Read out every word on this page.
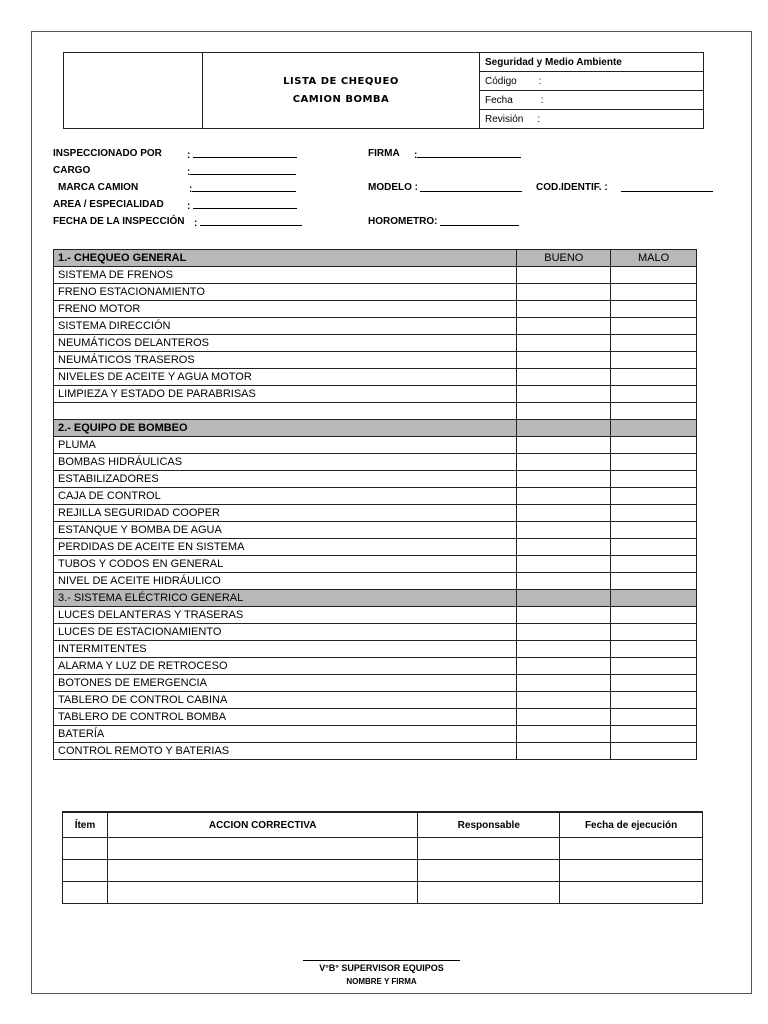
LISTA DE CHEQUEO
CAMION BOMBA
	Seguridad y Medio Ambiente
Código :
Fecha	:
Revisión :
INSPECCIONADO POR	:
CARGO	:
MARCA CAMION	:
AREA / ESPECIALIDAD :
FECHA DE LA INSPECCIÓN :
FIRMA :
MODELO :	COD.IDENTIF. :
HOROMETRO:
1.- CHEQUEO GENERAL	BUENO	MALO
SISTEMA DE FRENOS		
FRENO ESTACIONAMIENTO		
FRENO MOTOR		
SISTEMA DIRECCIÓN		
NEUMÁTICOS DELANTEROS		
NEUMÁTICOS TRASEROS		
NIVELES DE ACEITE Y AGUA MOTOR		
LIMPIEZA Y ESTADO DE PARABRISAS		

2.- EQUIPO DE BOMBEO		
PLUMA		
BOMBAS HIDRÁULICAS		
ESTABILIZADORES		
CAJA DE CONTROL		
REJILLA SEGURIDAD COOPER		
ESTANQUE Y BOMBA DE AGUA		
PERDIDAS DE ACEITE EN SISTEMA		
TUBOS Y CODOS EN GENERAL		
NIVEL DE ACEITE HIDRÁULICO		
3.- SISTEMA ELÉCTRICO GENERAL		
LUCES DELANTERAS Y TRASERAS		
LUCES DE ESTACIONAMIENTO		
INTERMITENTES		
ALARMA Y LUZ DE RETROCESO		
BOTONES DE EMERGENCIA		
TABLERO DE CONTROL CABINA		
TABLERO DE CONTROL BOMBA		
BATERÍA		
CONTROL REMOTO Y BATERIAS		
Ítem	ACCION CORRECTIVA	Responsable	Fecha de ejecución

V°B° SUPERVISOR EQUIPOS
NOMBRE Y FIRMA
